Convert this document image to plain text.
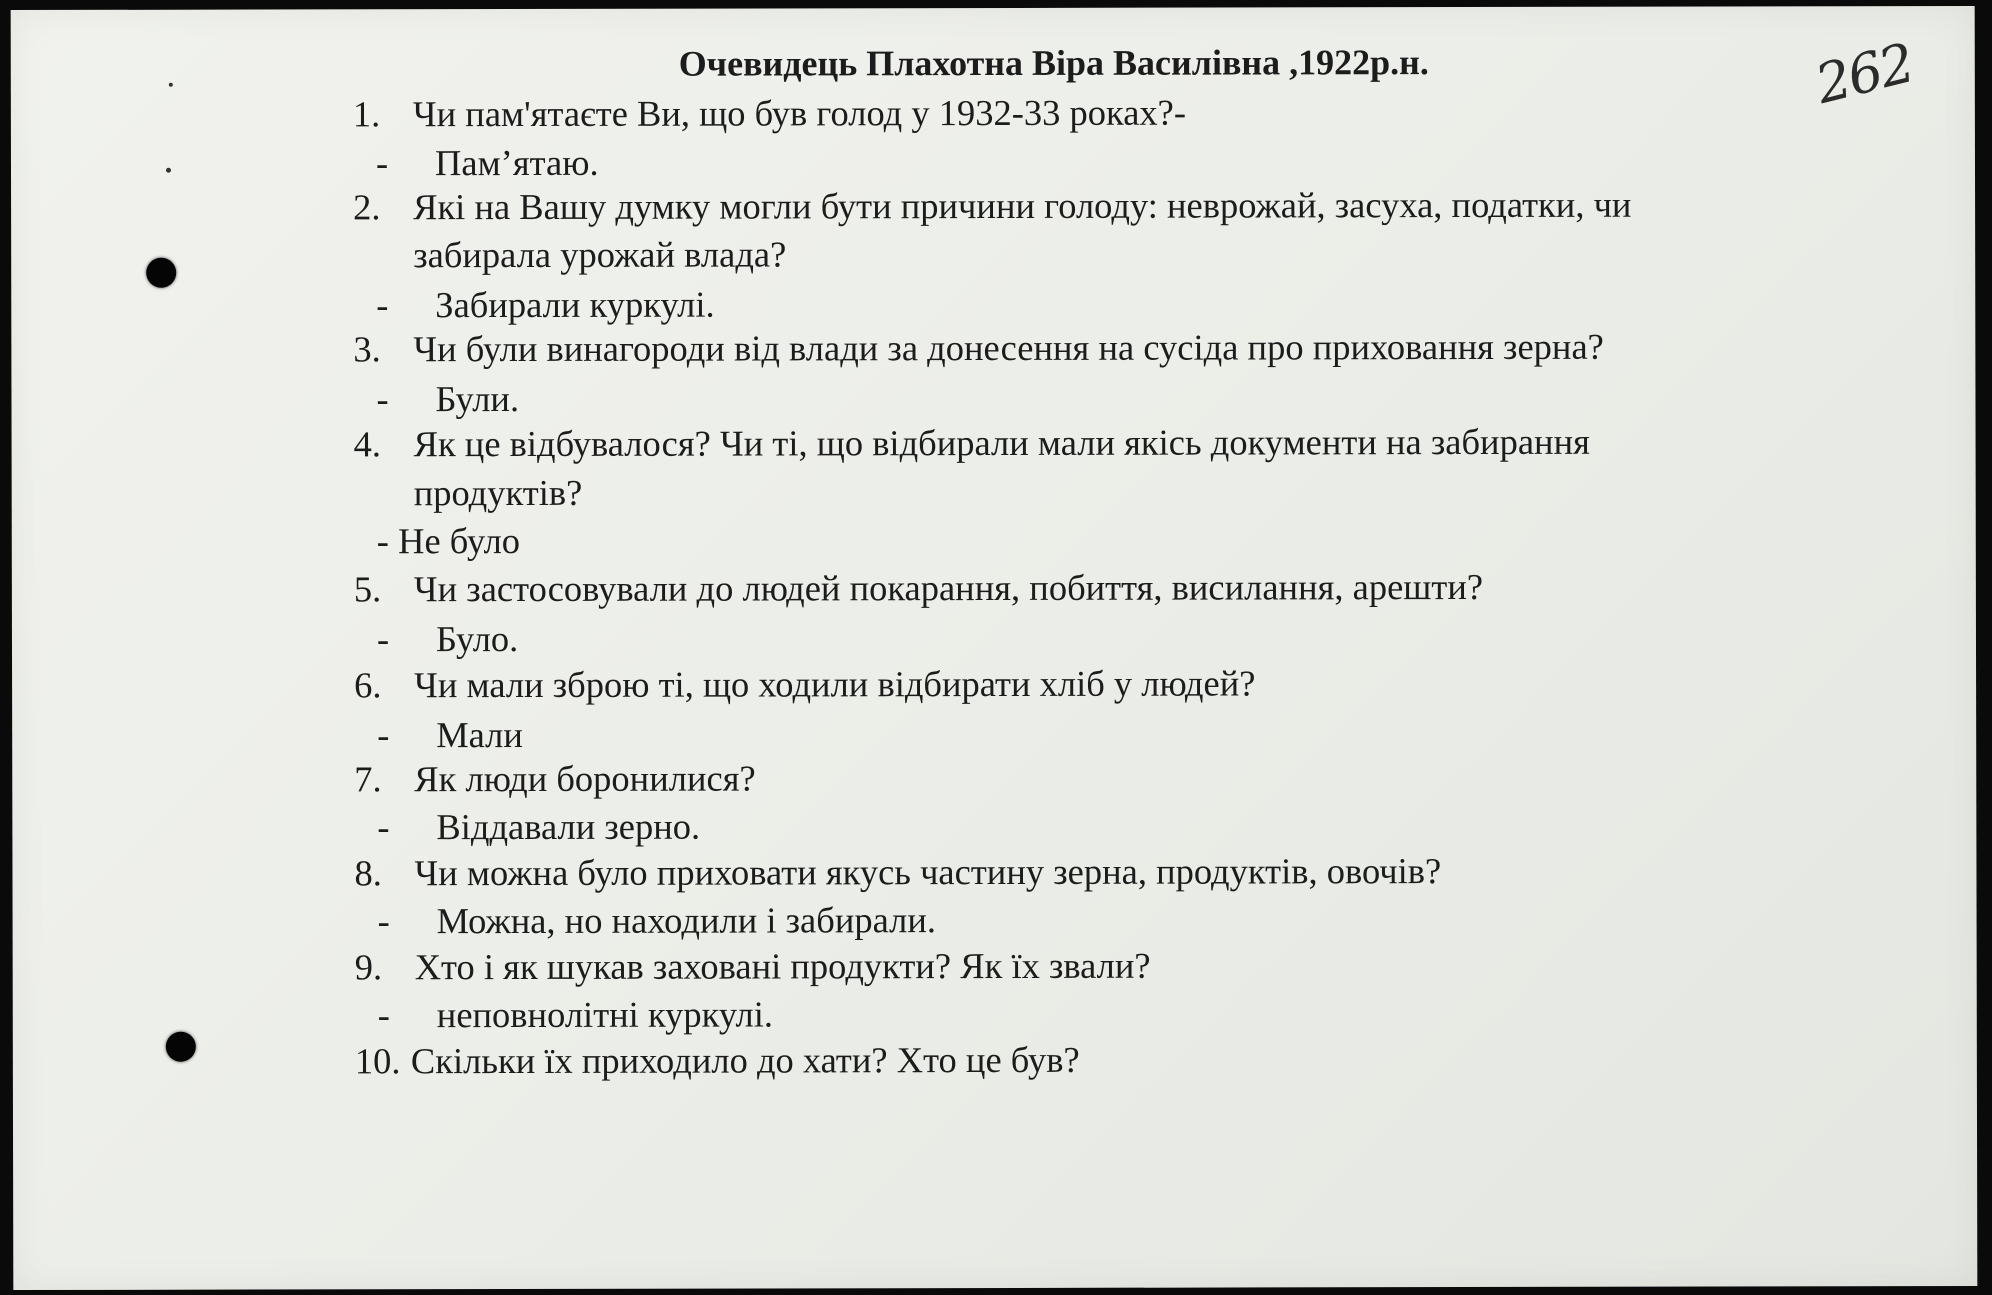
262
Очевидець Плахотна Віра Василівна ,1922р.н.
1. Чи пам'ятаєте Ви, що був голод у 1932-33 роках?-
- Пам’ятаю.
2. Які на Вашу думку могли бути причини голоду: неврожай, засуха, податки, чи
забирала урожай влада?
- Забирали куркулі.
3. Чи були винагороди від влади за донесення на сусіда про приховання зерна?
- Були.
4. Як це відбувалося? Чи ті, що відбирали мали якісь документи на забирання
продуктів?
- Не було
5. Чи застосовували до людей покарання, побиття, висилання, арешти?
- Було.
6. Чи мали зброю ті, що ходили відбирати хліб у людей?
- Мали
7. Як люди боронилися?
- Віддавали зерно.
8. Чи можна було приховати якусь частину зерна, продуктів, овочів?
- Можна, но находили і забирали.
9. Хто і як шукав заховані продукти? Як їх звали?
- неповнолітні куркулі.
10. Скільки їх приходило до хати? Хто це був?
